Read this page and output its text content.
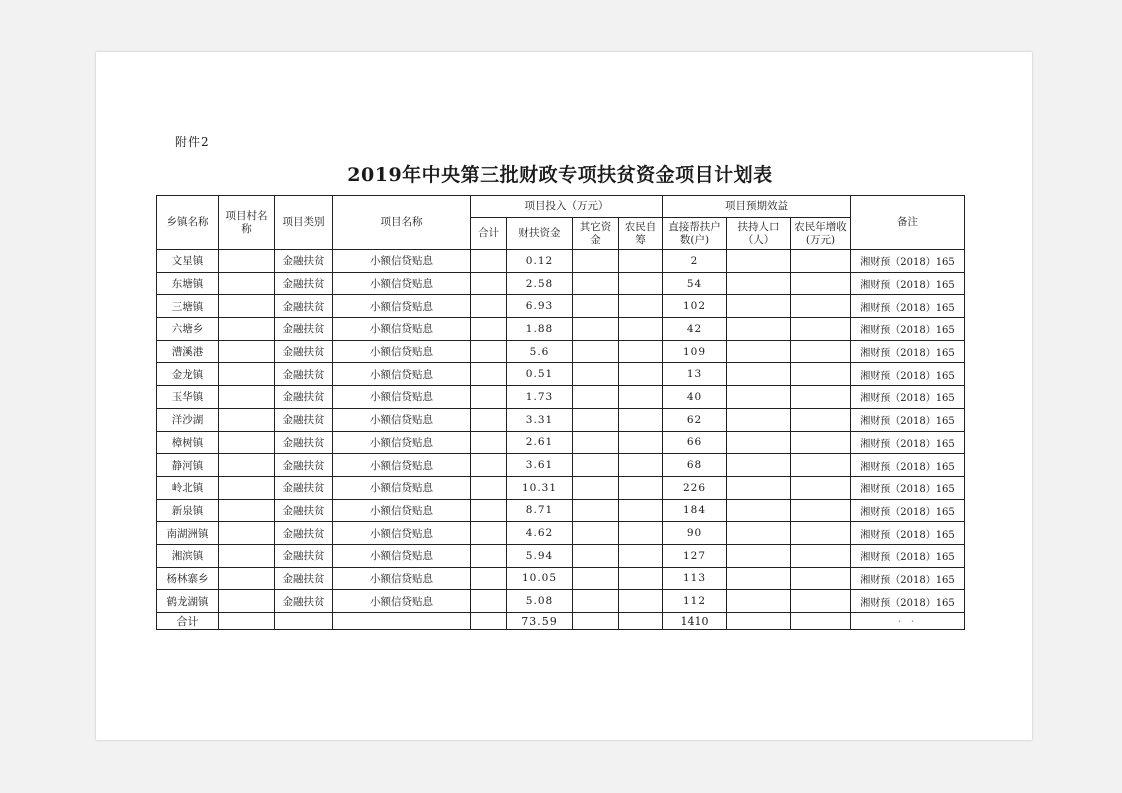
附件2
2019年中央第三批财政专项扶贫资金项目计划表
乡镇名称	项目村名称	项目类别	项目名称	项目投入（万元）				项目预期效益			备注
				合计	财扶资金	其它资金	农民自筹	直接帮扶户数(户)	扶持人口（人）	农民年增收(万元)	
文星镇		金融扶贫	小额信贷贴息		0.12			2			湘财预（2018）165
东塘镇		金融扶贫	小额信贷贴息		2.58			54			湘财预（2018）165
三塘镇		金融扶贫	小额信贷贴息		6.93			102			湘财预（2018）165
六塘乡		金融扶贫	小额信贷贴息		1.88			42			湘财预（2018）165
漕溪港		金融扶贫	小额信贷贴息		5.6			109			湘财预（2018）165
金龙镇		金融扶贫	小额信贷贴息		0.51			13			湘财预（2018）165
玉华镇		金融扶贫	小额信贷贴息		1.73			40			湘财预（2018）165
洋沙湖		金融扶贫	小额信贷贴息		3.31			62			湘财预（2018）165
樟树镇		金融扶贫	小额信贷贴息		2.61			66			湘财预（2018）165
静河镇		金融扶贫	小额信贷贴息		3.61			68			湘财预（2018）165
岭北镇		金融扶贫	小额信贷贴息		10.31			226			湘财预（2018）165
新泉镇		金融扶贫	小额信贷贴息		8.71			184			湘财预（2018）165
南湖洲镇		金融扶贫	小额信贷贴息		4.62			90			湘财预（2018）165
湘滨镇		金融扶贫	小额信贷贴息		5.94			127			湘财预（2018）165
杨林寨乡		金融扶贫	小额信贷贴息		10.05			113			湘财预（2018）165
鹤龙湖镇		金融扶贫	小额信贷贴息		5.08			112			湘财预（2018）165
合计					73.59			1410			· ·
